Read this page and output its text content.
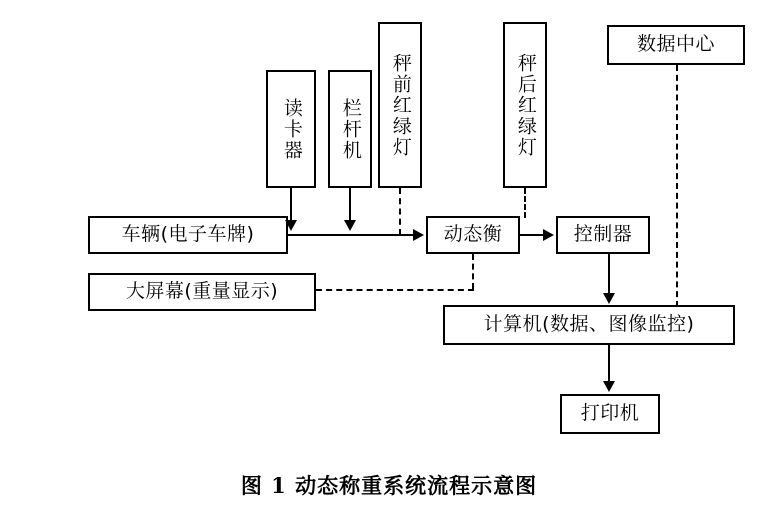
读卡器 栏杆机 秤前红绿灯	秤后红绿灯
数据中心
车辆(电子车牌)
大屏幕(重量显示)
动态衡	控制器
计算机(数据、图像监控)
打印机
图 1 动态称重系统流程示意图
